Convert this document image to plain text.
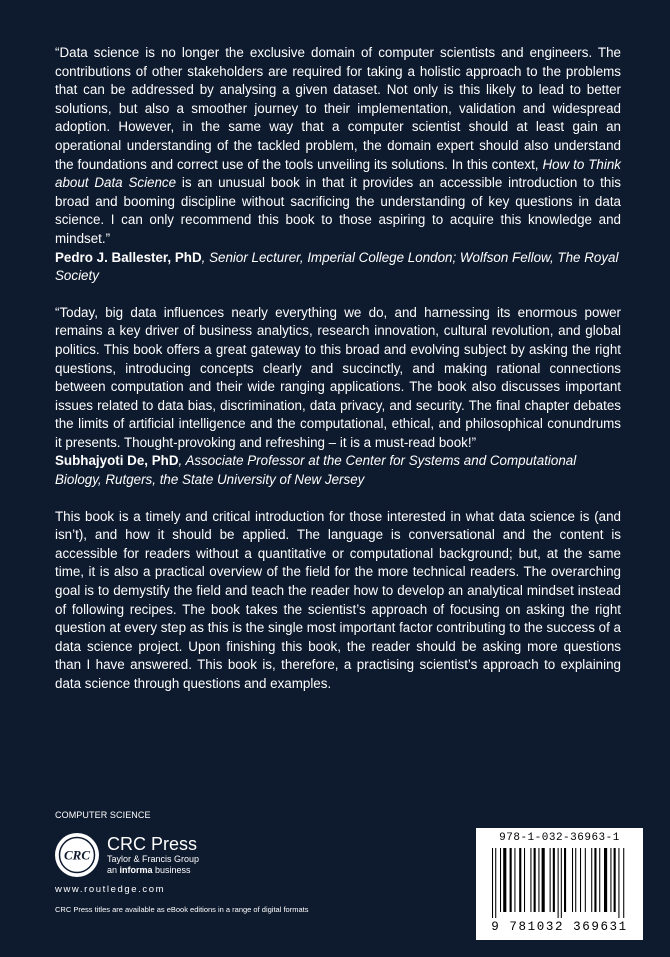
“Data science is no longer the exclusive domain of computer scientists and engineers. The contributions of other stakeholders are required for taking a holistic approach to the problems that can be addressed by analysing a given dataset. Not only is this likely to lead to better solutions, but also a smoother journey to their implementation, validation and widespread adoption. However, in the same way that a computer scientist should at least gain an operational understanding of the tackled problem, the domain expert should also understand the foundations and correct use of the tools unveiling its solutions. In this context, How to Think about Data Science is an unusual book in that it provides an accessible introduction to this broad and booming discipline without sacrificing the understanding of key questions in data science. I can only recommend this book to those aspiring to acquire this knowledge and mindset.”

Pedro J. Ballester, PhD, Senior Lecturer, Imperial College London; Wolfson Fellow, The Royal Society

“Today, big data influences nearly everything we do, and harnessing its enormous power remains a key driver of business analytics, research innovation, cultural revolution, and global politics. This book offers a great gateway to this broad and evolving subject by asking the right questions, introducing concepts clearly and succinctly, and making rational connections between computation and their wide ranging applications. The book also discusses important issues related to data bias, discrimination, data privacy, and security. The final chapter debates the limits of artificial intelligence and the computational, ethical, and philosophical conundrums it presents. Thought-provoking and refreshing – it is a must-read book!”

Subhajyoti De, PhD, Associate Professor at the Center for Systems and Computational Biology, Rutgers, the State University of New Jersey

This book is a timely and critical introduction for those interested in what data science is (and isn’t), and how it should be applied. The language is conversational and the content is accessible for readers without a quantitative or computational background; but, at the same time, it is also a practical overview of the field for the more technical readers. The overarching goal is to demystify the field and teach the reader how to develop an analytical mindset instead of following recipes. The book takes the scientist’s approach of focusing on asking the right question at every step as this is the single most important factor contributing to the success of a data science project. Upon finishing this book, the reader should be asking more questions than I have answered. This book is, therefore, a practising scientist’s approach to explaining data science through questions and examples.

COMPUTER SCIENCE
CRC
CRC Press
Taylor & Francis Group
an informa business
www.routledge.com
CRC Press titles are available as eBook editions in a range of digital formats
978-1-032-36963-1
9 781032 369631
